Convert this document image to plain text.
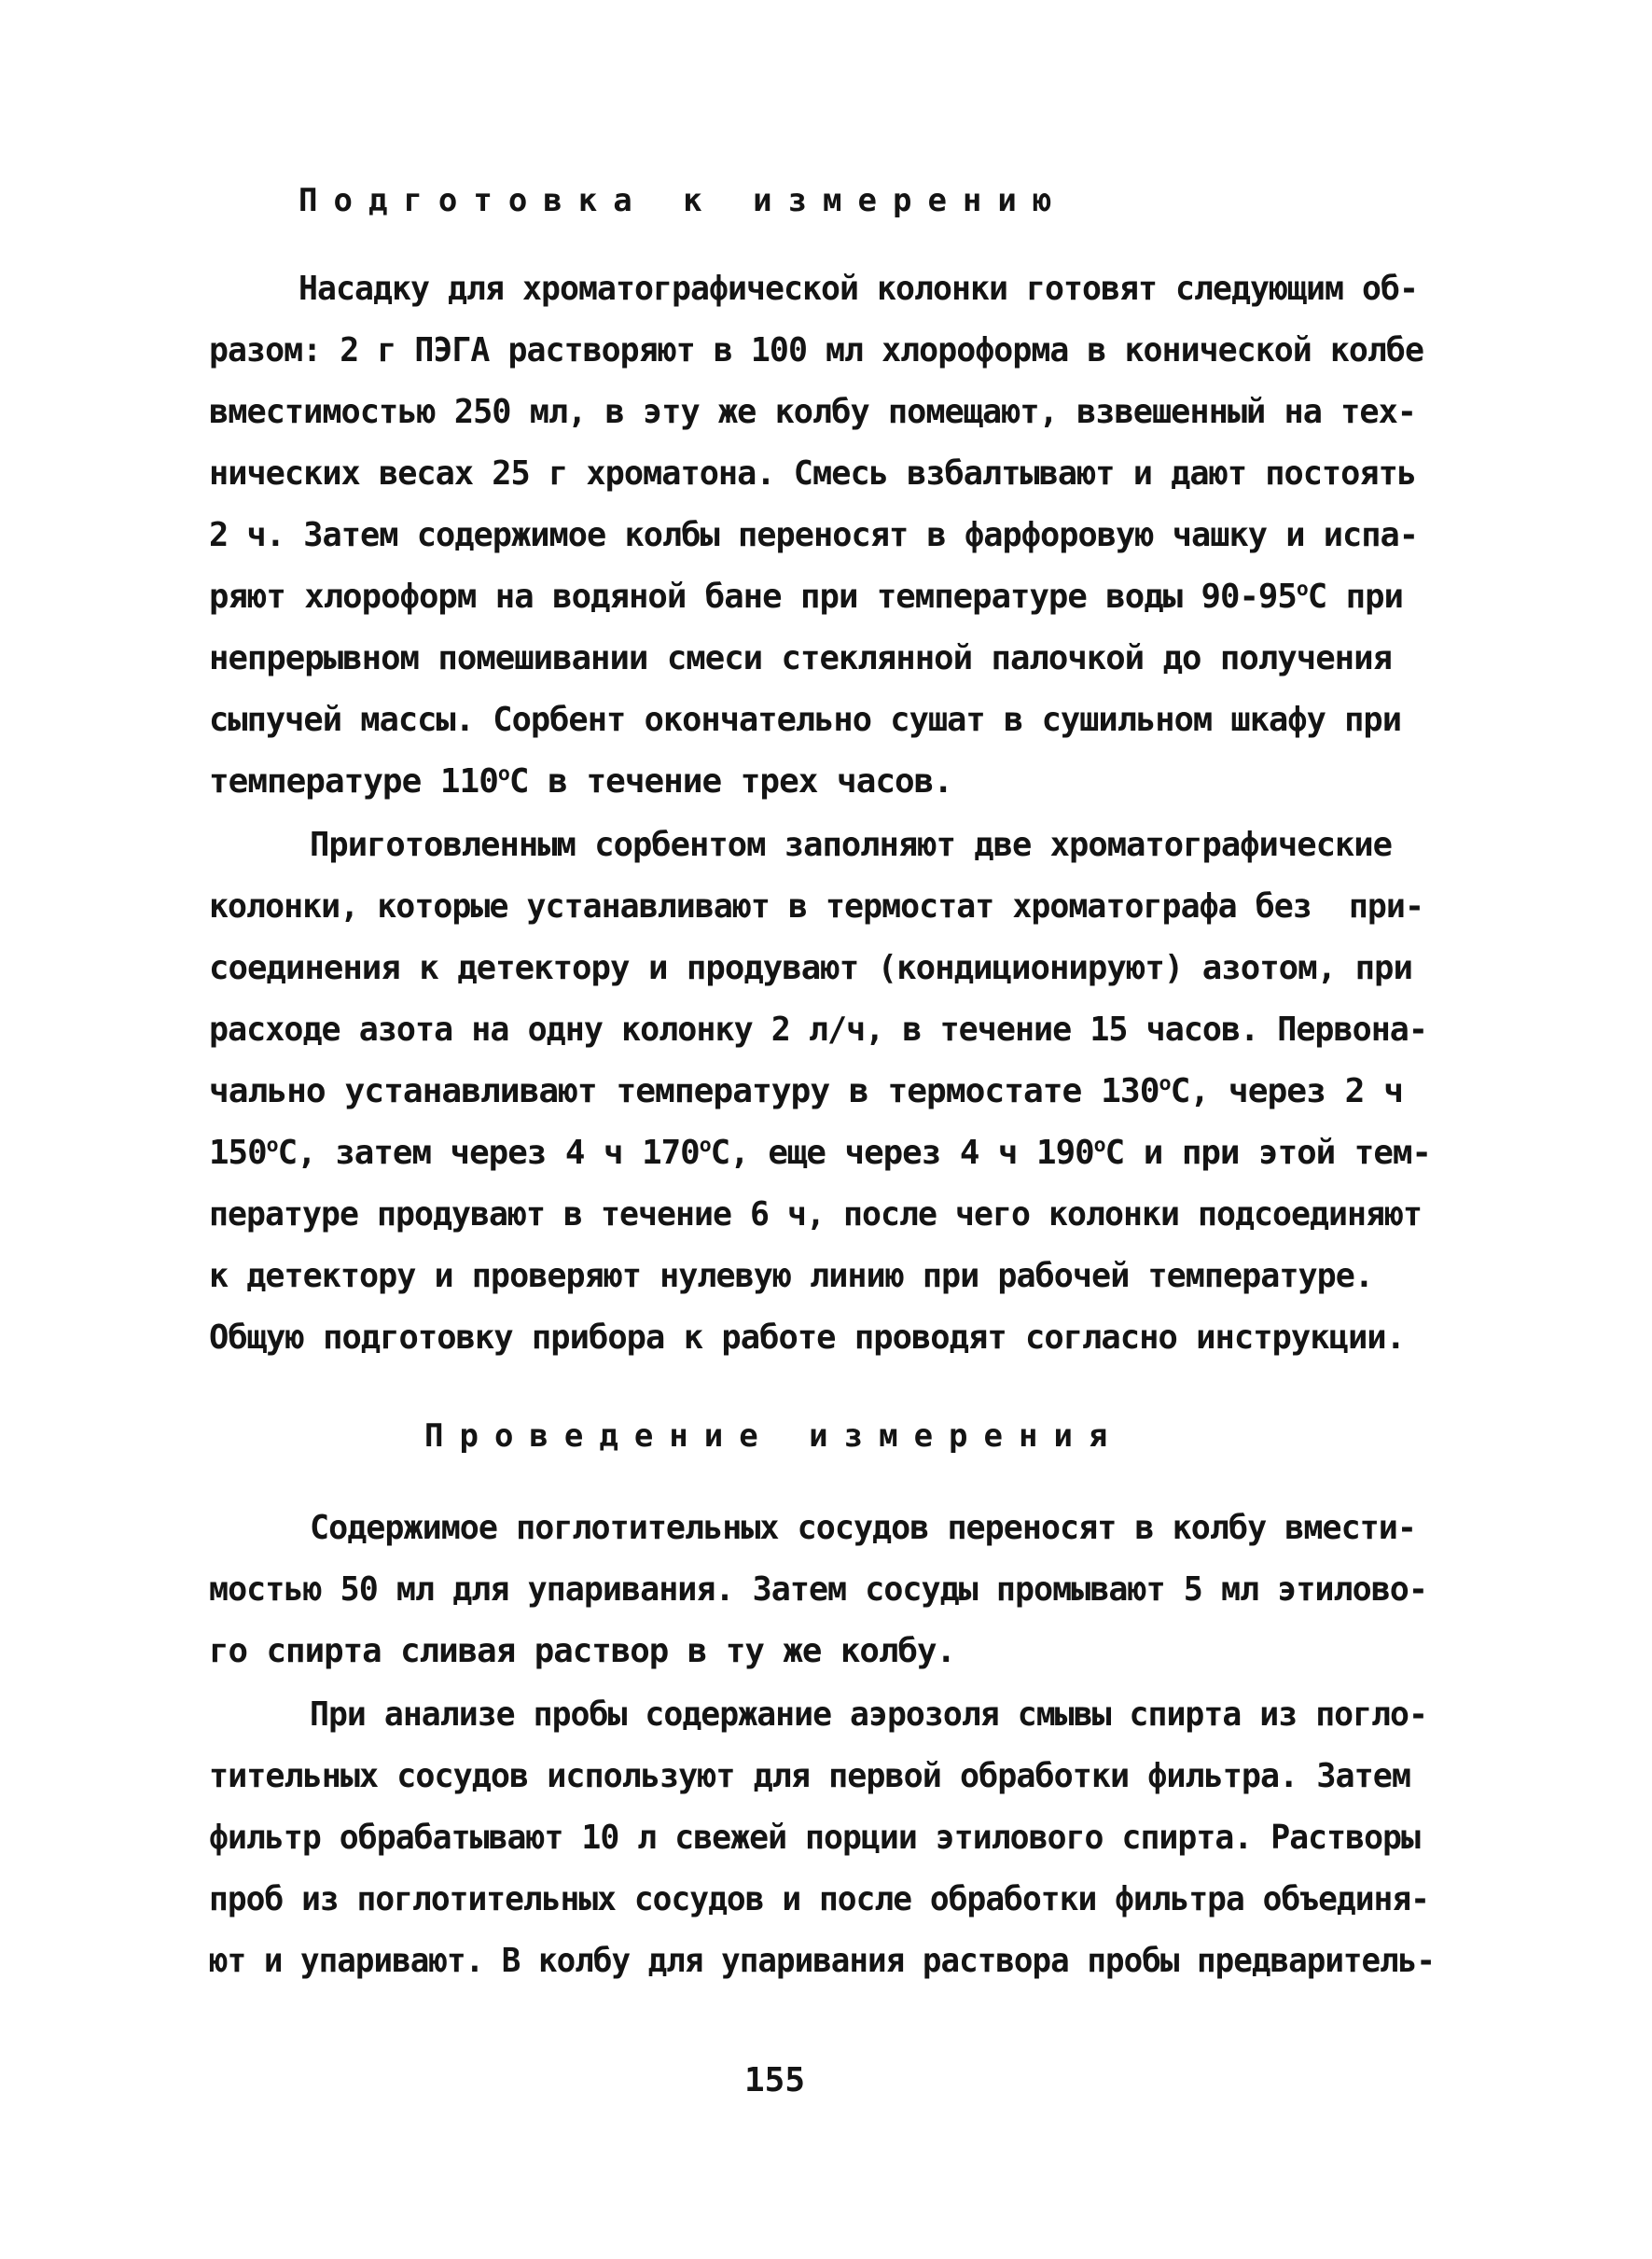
Подготовка к измерению
Насадку для хроматографической колонки готовят следующим об-
разом: 2 г ПЭГА растворяют в 100 мл хлороформа в конической колбе
вместимостью 250 мл, в эту же колбу помещают, взвешенный на тех-
нических весах 25 г хроматона. Смесь взбалтывают и дают постоять
2 ч. Затем содержимое колбы переносят в фарфоровую чашку и испа-
ряют хлороформ на водяной бане при температуре воды 90-95$^o$С при
непрерывном помешивании смеси стеклянной палочкой до получения
сыпучей массы. Сорбент окончательно сушат в сушильном шкафу при
температуре 110$^o$С в течение трех часов.
Приготовленным сорбентом заполняют две хроматографические
колонки, которые устанавливают в термостат хроматографа без  при-
соединения к детектору и продувают (кондиционируют) азотом, при
расходе азота на одну колонку 2 л/ч, в течение 15 часов. Первона-
чально устанавливают температуру в термостате 130$^o$С, через 2 ч
150$^o$С, затем через 4 ч 170$^o$С, еще через 4 ч 190$^o$С и при этой тем-
пературе продувают в течение 6 ч, после чего колонки подсоединяют
к детектору и проверяют нулевую линию при рабочей температуре.
Общую подготовку прибора к работе проводят согласно инструкции.
Проведение измерения
Содержимое поглотительных сосудов переносят в колбу вмести-
мостью 50 мл для упаривания. Затем сосуды промывают 5 мл этилово-
го спирта сливая раствор в ту же колбу.
При анализе пробы содержание аэрозоля смывы спирта из погло-
тительных сосудов используют для первой обработки фильтра. Затем
фильтр обрабатывают 10 л свежей порции этилового спирта. Растворы
проб из поглотительных сосудов и после обработки фильтра объединя-
ют и упаривают. В колбу для упаривания раствора пробы предваритель-
155
